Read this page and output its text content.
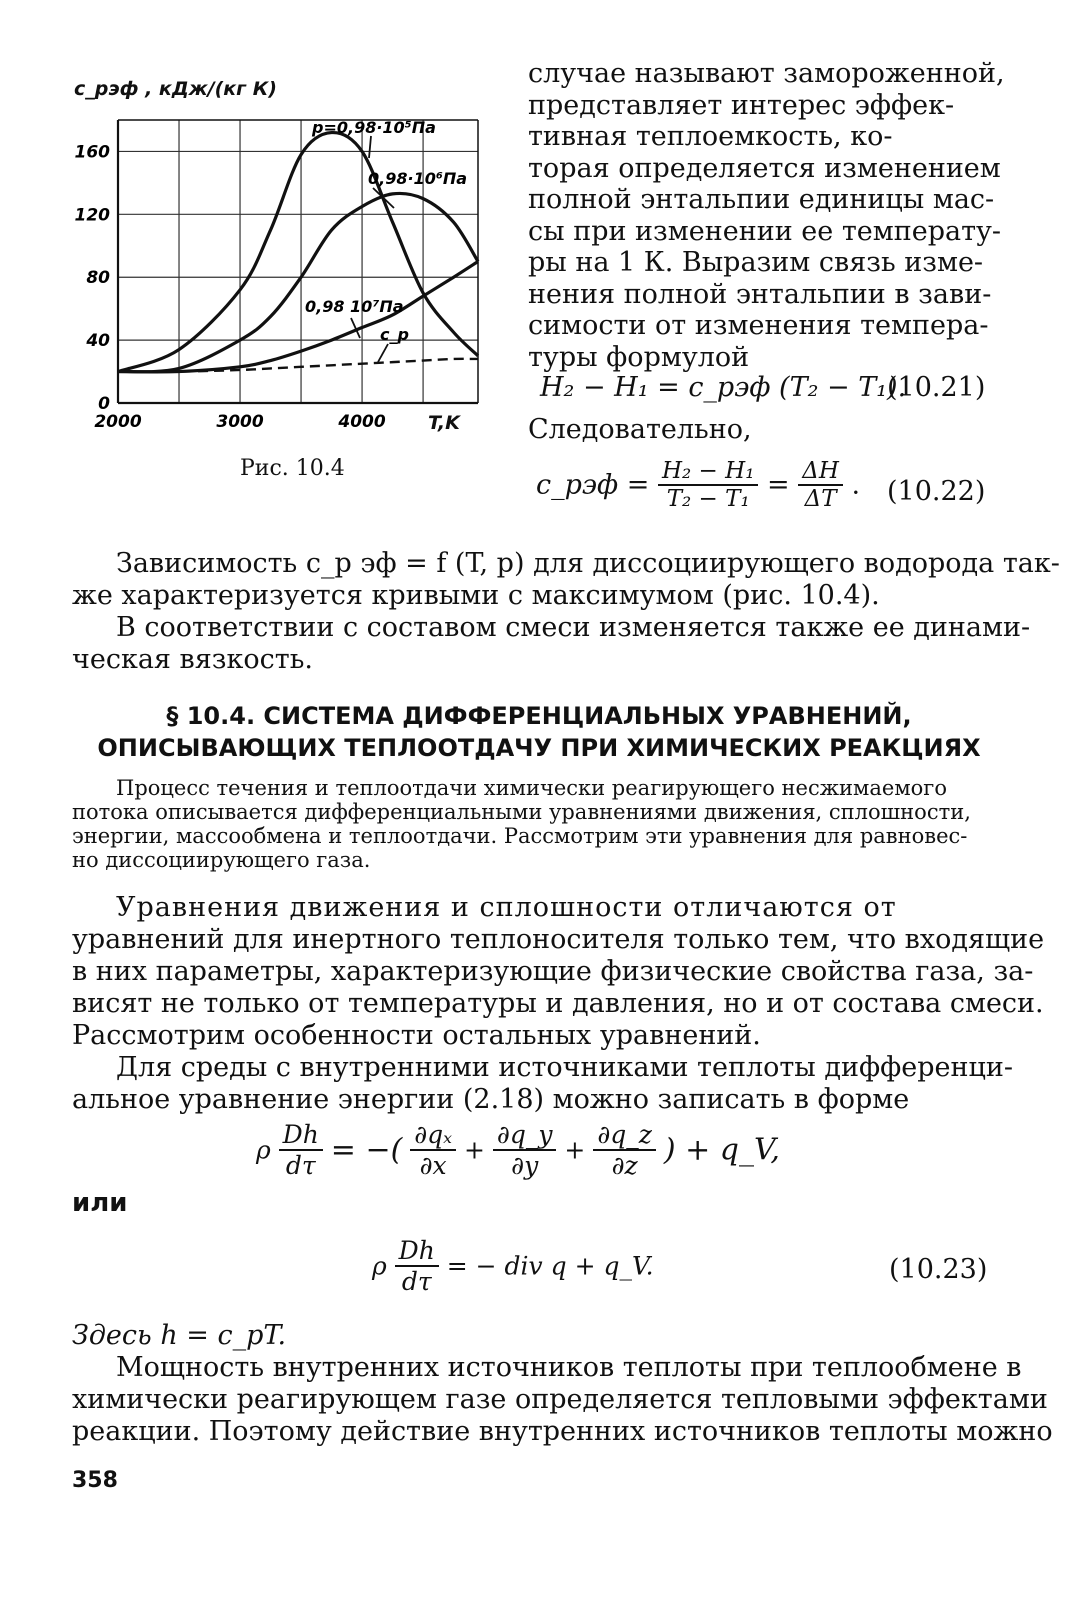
0
40
80
120
160
2000	3000	4000
p=0,98·10⁵Па
0,98·10⁶Па
0,98 10⁷Па
c_p
c_рэф , кДж/(кг К)
T,K
Рис. 10.4
случае называют замороженной,
представляет интерес эффек-
тивная теплоемкость, ко-
торая определяется изменением
полной энтальпии единицы мас-
сы при изменении ее температу-
ры на 1 К. Выразим связь изме-
нения полной энтальпии в зави-
симости от изменения темпера-
туры формулой
H₂ − H₁ = c_рэф (T₂ − T₁).
(10.21)
Следовательно,
c_рэф = $\frac{\text{H₂ − H₁}}{\text{T₂ − T₁}} = \frac{\Delta H}{\Delta T}$ . (10.22)
Зависимость c_p эф = f (T, p) для диссоциирующего водорода так-
же характеризуется кривыми с максимумом (рис. 10.4).
В соответствии с составом смеси изменяется также ее динами-
ческая вязкость.
§ 10.4. СИСТЕМА ДИФФЕРЕНЦИАЛЬНЫХ УРАВНЕНИЙ,
ОПИСЫВАЮЩИХ ТЕПЛООТДАЧУ ПРИ ХИМИЧЕСКИХ РЕАКЦИЯХ
Процесс течения и теплоотдачи химически реагирующего несжимаемого
потока описывается дифференциальными уравнениями движения, сплошности,
энергии, массообмена и теплоотдачи. Рассмотрим эти уравнения для равновес-
но диссоциирующего газа.
Уравнения движения и сплошности отличаются от
уравнений для инертного теплоносителя только тем, что входящие
в них параметры, характеризующие физические свойства газа, за-
висят не только от температуры и давления, но и от состава смеси.
Рассмотрим особенности остальных уравнений.
Для среды с внутренними источниками теплоты дифференци-
альное уравнение энергии (2.18) можно записать в форме
ρ $\frac{Dh}{d\tau}$ = −( $\frac{\text{∂qₓ}}{\partial x} + \frac{\partial q\_y}{\partial y} + \frac{\partial q\_z}{\partial z}$ ) + q_V,
или
ρ $\frac{Dh}{d\tau}$ = − div q + q_V.	(10.23)
Здесь h = c_pT.
Мощность внутренних источников теплоты при теплообмене в
химически реагирующем газе определяется тепловыми эффектами
реакции. Поэтому действие внутренних источников теплоты можно
358
